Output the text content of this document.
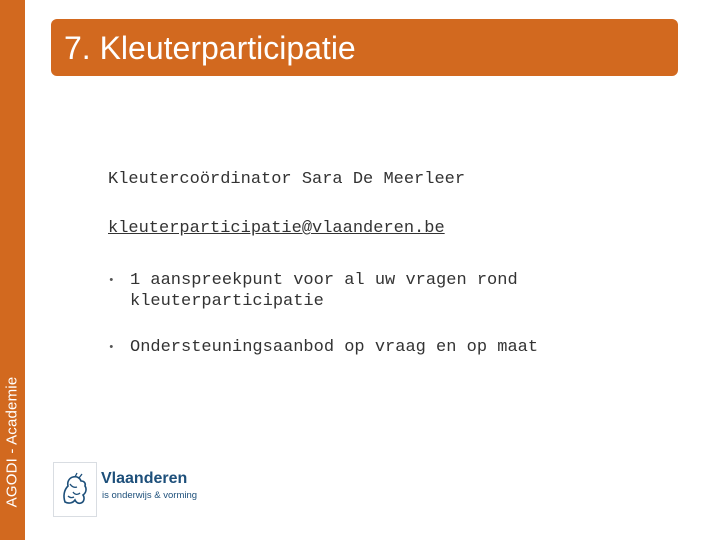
AGODI - Academie
7. Kleuterparticipatie
Kleutercoördinator Sara De Meerleer
kleuterparticipatie@vlaanderen.be
• 1 aanspreekpunt voor al uw vragen rond kleuterparticipatie
• Ondersteuningsaanbod op vraag en op maat
Vlaanderen
is onderwijs & vorming
